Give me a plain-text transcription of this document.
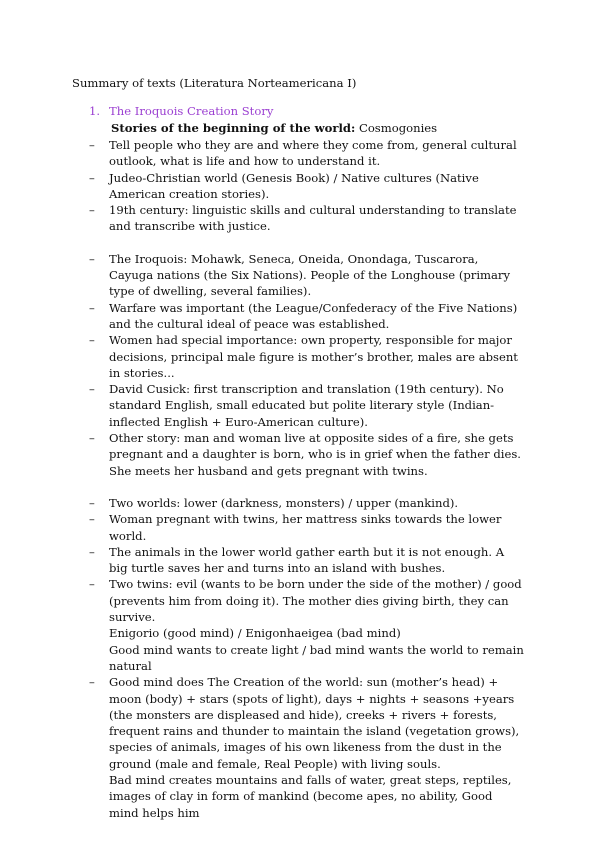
Summary of texts (Literatura Norteamericana I)
1. The Iroquois Creation Story
Stories of the beginning of the world: Cosmogonies
– Tell people who they are and where they come from, general cultural outlook, what is life and how to understand it.
– Judeo-Christian world (Genesis Book) / Native cultures (Native American creation stories).
– 19th century: linguistic skills and cultural understanding to translate and transcribe with justice.
– The Iroquois: Mohawk, Seneca, Oneida, Onondaga, Tuscarora, Cayuga nations (the Six Nations). People of the Longhouse (primary type of dwelling, several families).
– Warfare was important (the League/Confederacy of the Five Nations) and the cultural ideal of peace was established.
– Women had special importance: own property, responsible for major decisions, principal male figure is mother’s brother, males are absent in stories...
– David Cusick: first transcription and translation (19th century). No standard English, small educated but polite literary style (Indian-inflected English + Euro-American culture).
– Other story: man and woman live at opposite sides of a fire, she gets pregnant and a daughter is born, who is in grief when the father dies. She meets her husband and gets pregnant with twins.
– Two worlds: lower (darkness, monsters) / upper (mankind).
– Woman pregnant with twins, her mattress sinks towards the lower world.
– The animals in the lower world gather earth but it is not enough. A big turtle saves her and turns into an island with bushes.
– Two twins: evil (wants to be born under the side of the mother) / good (prevents him from doing it). The mother dies giving birth, they can survive.
Enigorio (good mind) / Enigonhaeigea (bad mind)
Good mind wants to create light / bad mind wants the world to remain natural
– Good mind does The Creation of the world: sun (mother’s head) + moon (body) + stars (spots of light), days + nights + seasons +years (the monsters are displeased and hide), creeks + rivers + forests, frequent rains and thunder to maintain the island (vegetation grows), species of animals, images of his own likeness from the dust in the ground (male and female, Real People) with living souls.
Bad mind creates mountains and falls of water, great steps, reptiles, images of clay in form of mankind (become apes, no ability, Good mind helps him
